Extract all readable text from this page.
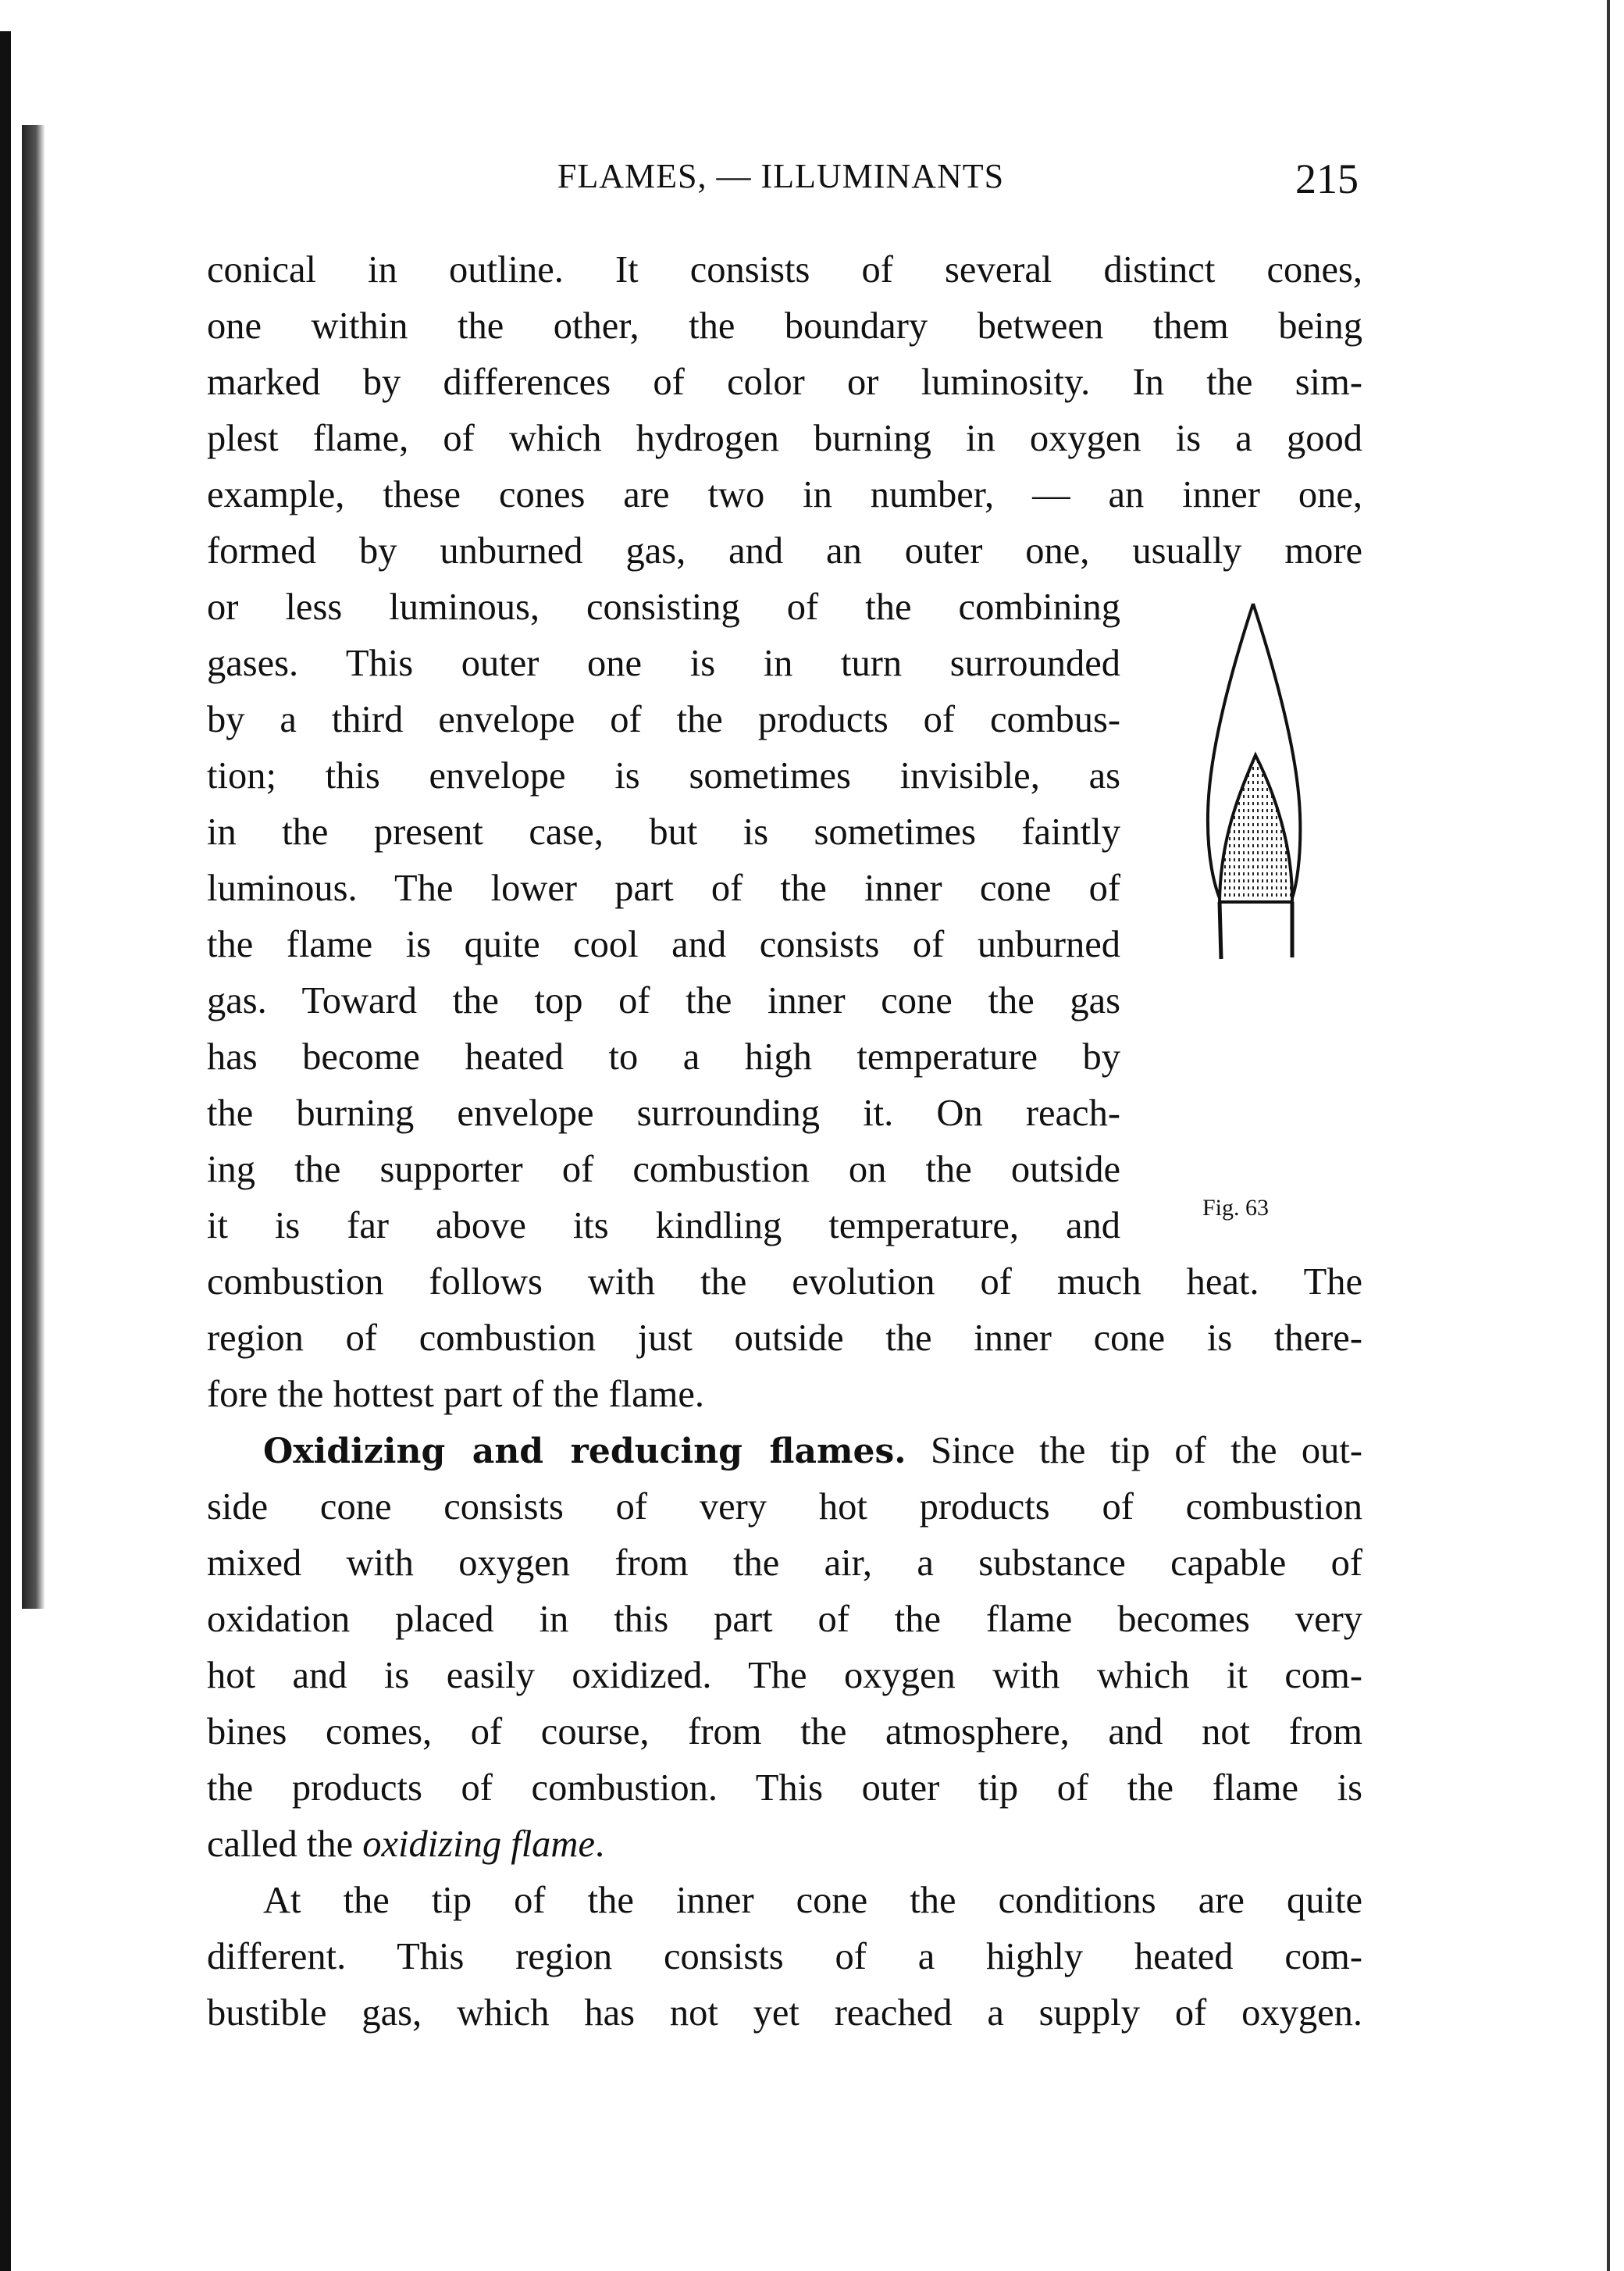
FLAMES, — ILLUMINANTS	215
conical in outline. It consists of several distinct cones,
one within the other, the boundary between them being
marked by differences of color or luminosity. In the sim-
plest flame, of which hydrogen burning in oxygen is a good
example, these cones are two in number, — an inner one,
formed by unburned gas, and an outer one, usually more
or less luminous, consisting of the combining
gases. This outer one is in turn surrounded
by a third envelope of the products of combus-
tion; this envelope is sometimes invisible, as
in the present case, but is sometimes faintly
luminous. The lower part of the inner cone of
the flame is quite cool and consists of unburned
gas. Toward the top of the inner cone the gas
has become heated to a high temperature by
the burning envelope surrounding it. On reach-
ing the supporter of combustion on the outside
it is far above its kindling temperature, and
combustion follows with the evolution of much heat. The
region of combustion just outside the inner cone is there-
fore the hottest part of the flame.
Oxidizing and reducing flames. Since the tip of the out-
side cone consists of very hot products of combustion
mixed with oxygen from the air, a substance capable of
oxidation placed in this part of the flame becomes very
hot and is easily oxidized. The oxygen with which it com-
bines comes, of course, from the atmosphere, and not from
the products of combustion. This outer tip of the flame is
called the oxidizing flame.
At the tip of the inner cone the conditions are quite
different. This region consists of a highly heated com-
bustible gas, which has not yet reached a supply of oxygen.
Fig. 63
